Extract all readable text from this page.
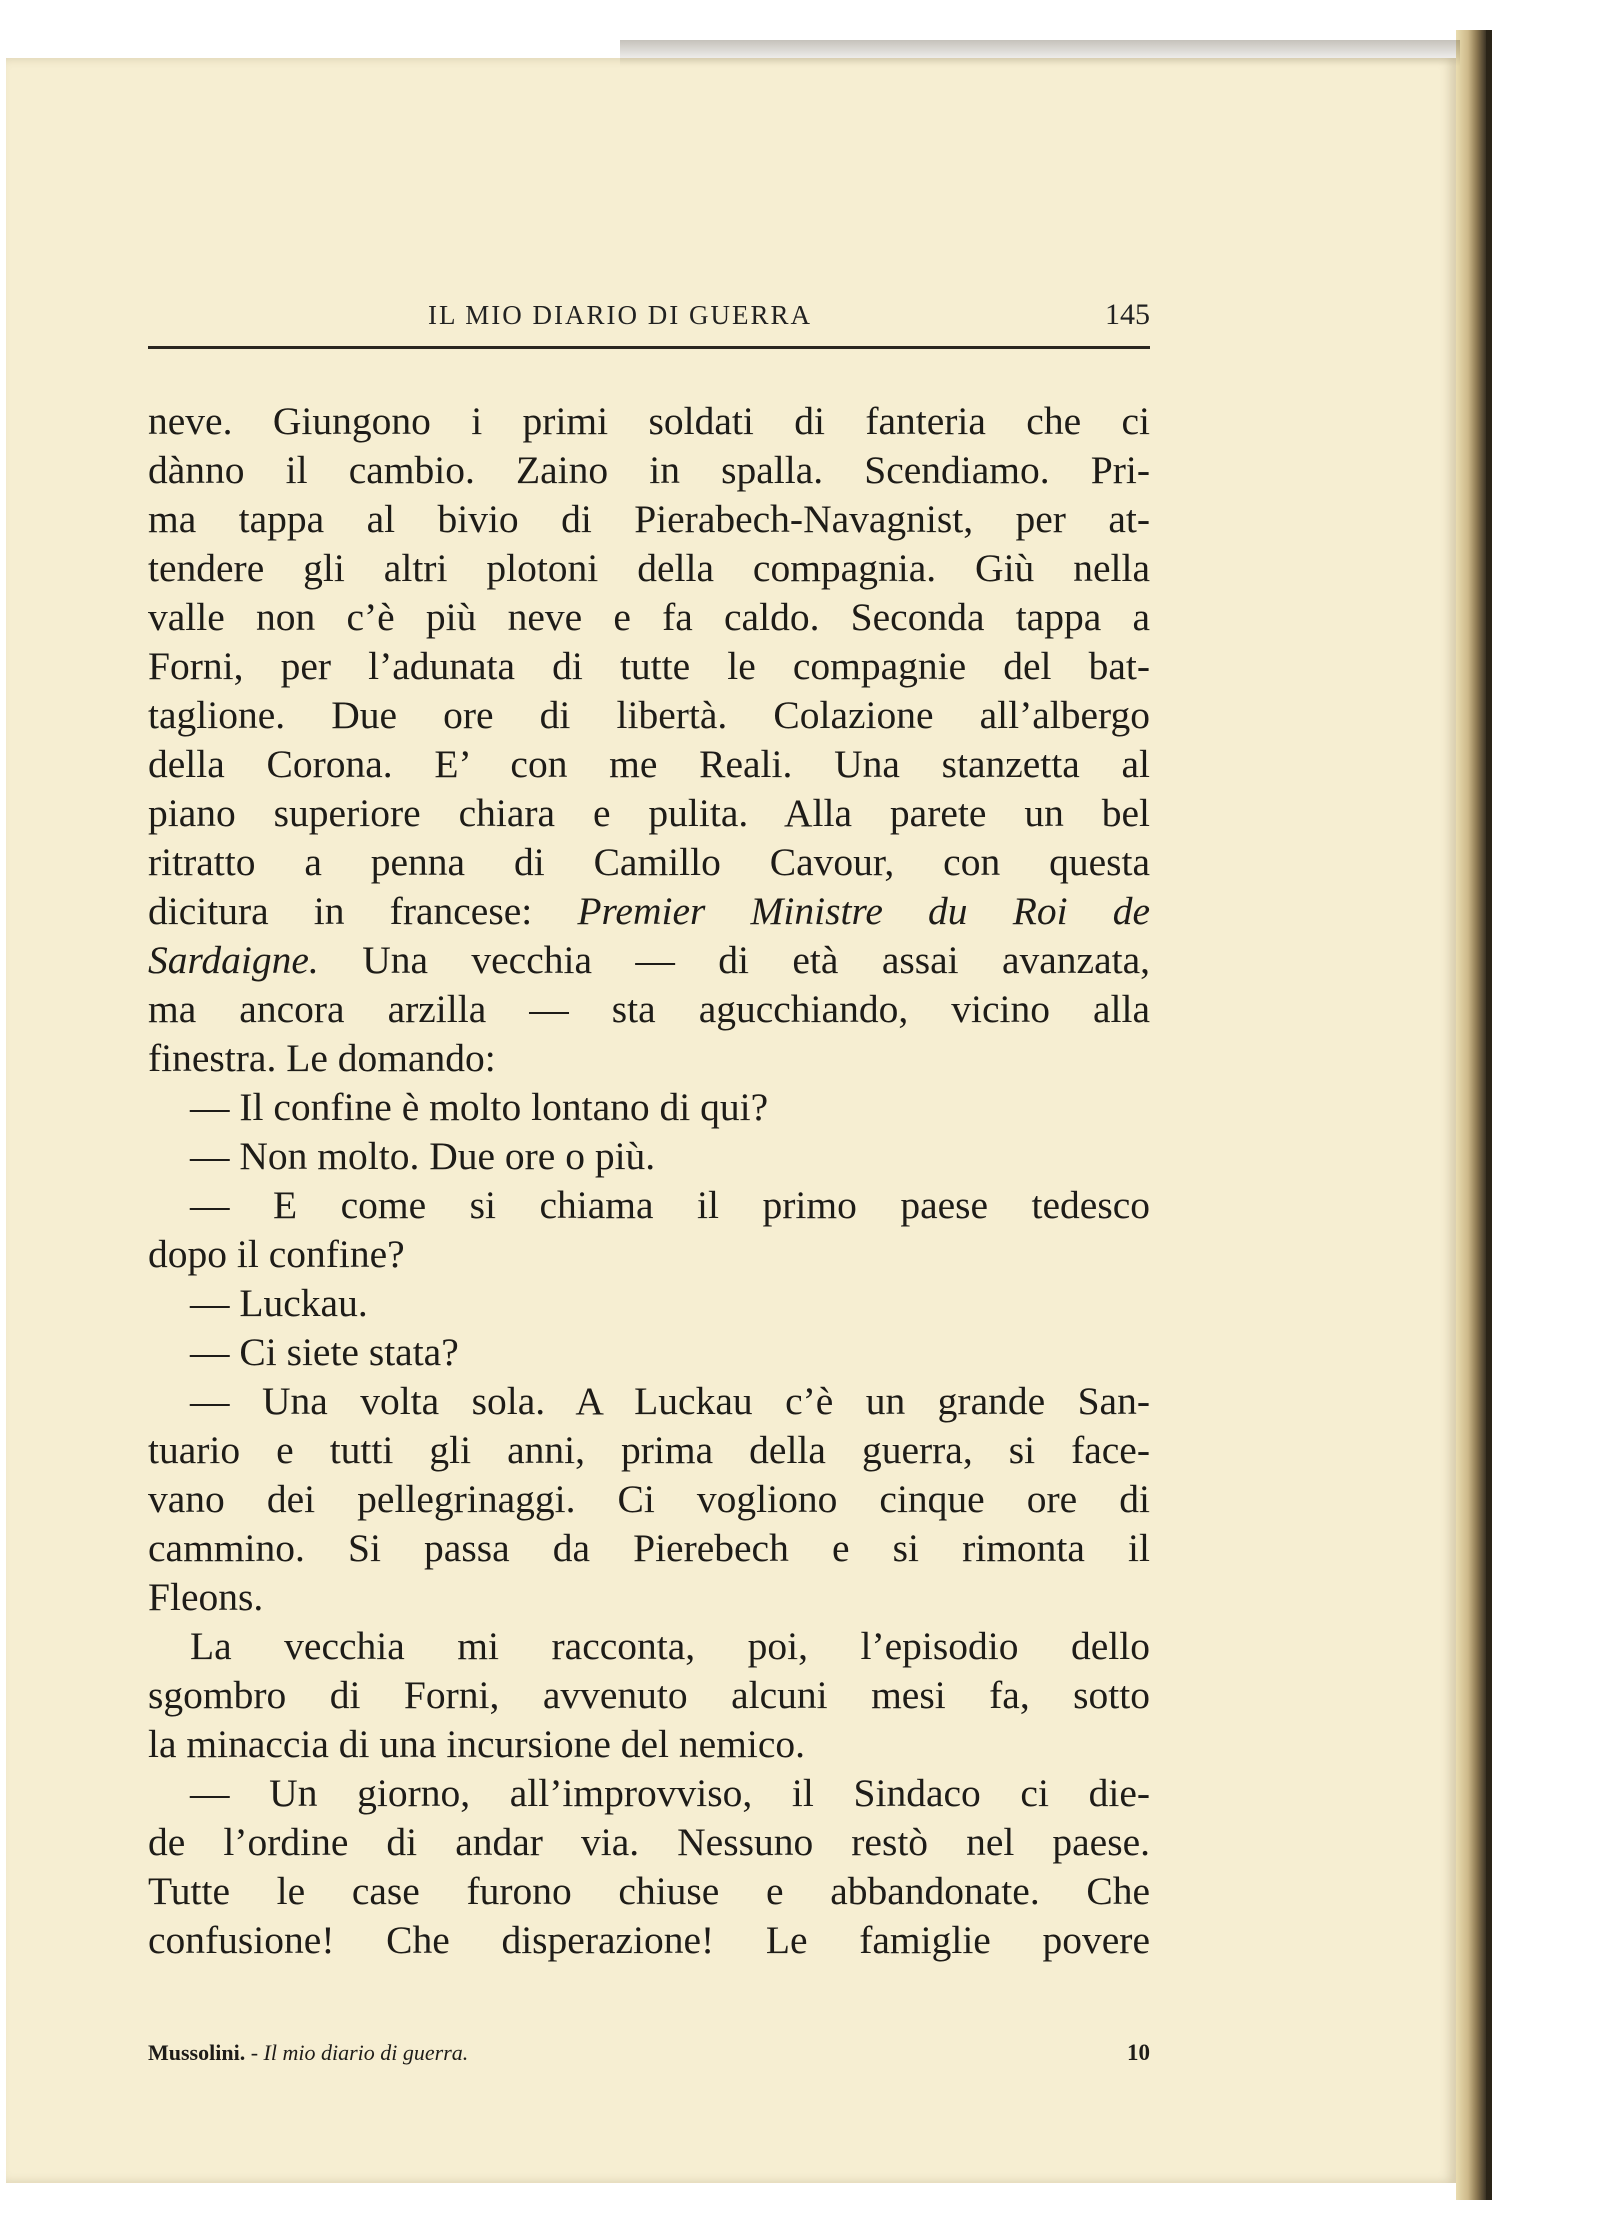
IL MIO DIARIO DI GUERRA	145
neve. Giungono i primi soldati di fanteria che ci
dànno il cambio. Zaino in spalla. Scendiamo. Pri-
ma tappa al bivio di Pierabech-Navagnist, per at-
tendere gli altri plotoni della compagnia. Giù nella
valle non c’è più neve e fa caldo. Seconda tappa a
Forni, per l’adunata di tutte le compagnie del bat-
taglione. Due ore di libertà. Colazione all’albergo
della Corona. E’ con me Reali. Una stanzetta al
piano superiore chiara e pulita. Alla parete un bel
ritratto a penna di Camillo Cavour, con questa
dicitura in francese: Premier Ministre du Roi de
Sardaigne. Una vecchia — di età assai avanzata,
ma ancora arzilla — sta agucchiando, vicino alla
finestra. Le domando:
— Il confine è molto lontano di qui?
— Non molto. Due ore o più.
— E come si chiama il primo paese tedesco
dopo il confine?
— Luckau.
— Ci siete stata?
— Una volta sola. A Luckau c’è un grande San-
tuario e tutti gli anni, prima della guerra, si face-
vano dei pellegrinaggi. Ci vogliono cinque ore di
cammino. Si passa da Pierebech e si rimonta il
Fleons.
La vecchia mi racconta, poi, l’episodio dello
sgombro di Forni, avvenuto alcuni mesi fa, sotto
la minaccia di una incursione del nemico.
— Un giorno, all’improvviso, il Sindaco ci die-
de l’ordine di andar via. Nessuno restò nel paese.
Tutte le case furono chiuse e abbandonate. Che
confusione! Che disperazione! Le famiglie povere
Mussolini. - Il mio diario di guerra.	10
